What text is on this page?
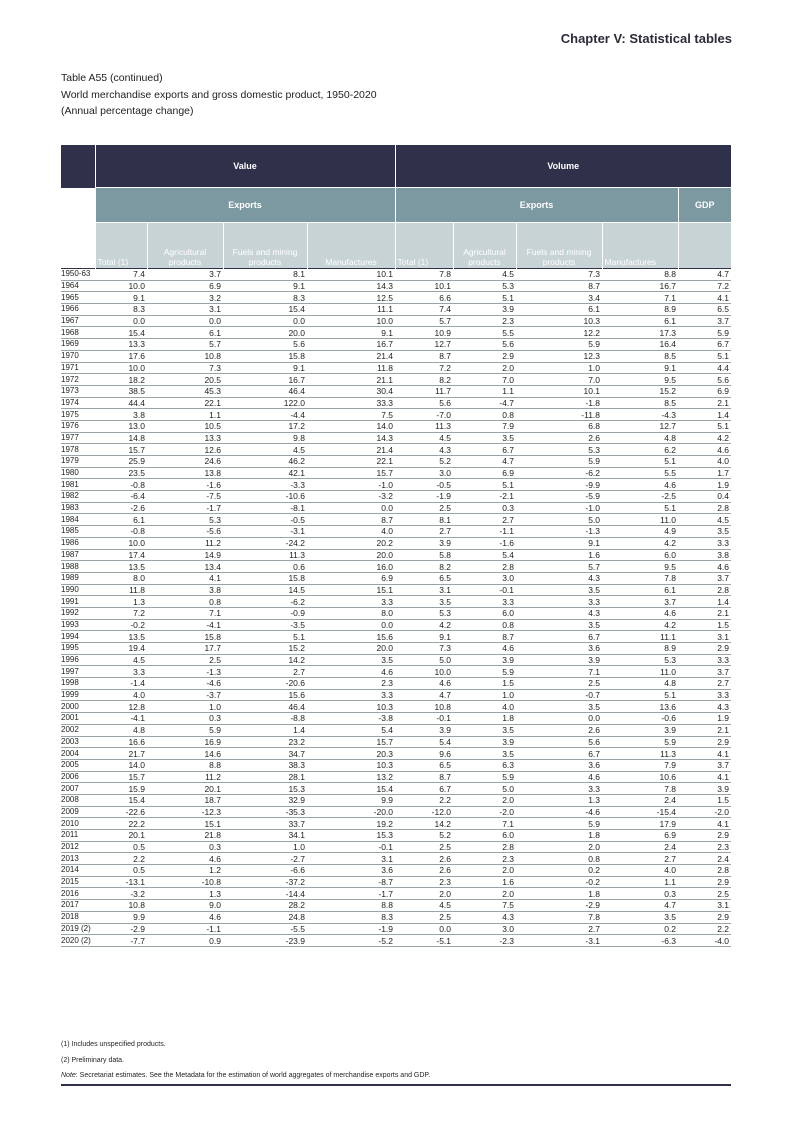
Chapter V: Statistical tables
Table A55 (continued)
World merchandise exports and gross domestic product, 1950-2020
(Annual percentage change)
	Value				Volume				
	Exports				Exports				GDP
	Total (1)	Agricultural products	Fuels and mining products	Manufactures	Total (1)	Agricultural products	Fuels and mining products	Manufactures	
1950-63	7.4	3.7	8.1	10.1	7.8	4.5	7.3	8.8	4.7
1964	10.0	6.9	9.1	14.3	10.1	5.3	8.7	16.7	7.2
1965	9.1	3.2	8.3	12.5	6.6	5.1	3.4	7.1	4.1
1966	8.3	3.1	15.4	11.1	7.4	3.9	6.1	8.9	6.5
1967	0.0	0.0	0.0	10.0	5.7	2.3	10.3	6.1	3.7
1968	15.4	6.1	20.0	9.1	10.9	5.5	12.2	17.3	5.9
1969	13.3	5.7	5.6	16.7	12.7	5.6	5.9	16.4	6.7
1970	17.6	10.8	15.8	21.4	8.7	2.9	12.3	8.5	5.1
1971	10.0	7.3	9.1	11.8	7.2	2.0	1.0	9.1	4.4
1972	18.2	20.5	16.7	21.1	8.2	7.0	7.0	9.5	5.6
1973	38.5	45.3	46.4	30.4	11.7	1.1	10.1	15.2	6.9
1974	44.4	22.1	122.0	33.3	5.6	-4.7	-1.8	8.5	2.1
1975	3.8	1.1	-4.4	7.5	-7.0	0.8	-11.8	-4.3	1.4
1976	13.0	10.5	17.2	14.0	11.3	7.9	6.8	12.7	5.1
1977	14.8	13.3	9.8	14.3	4.5	3.5	2.6	4.8	4.2
1978	15.7	12.6	4.5	21.4	4.3	6.7	5.3	6.2	4.6
1979	25.9	24.6	46.2	22.1	5.2	4.7	5.9	5.1	4.0
1980	23.5	13.8	42.1	15.7	3.0	6.9	-6.2	5.5	1.7
1981	-0.8	-1.6	-3.3	-1.0	-0.5	5.1	-9.9	4.6	1.9
1982	-6.4	-7.5	-10.6	-3.2	-1.9	-2.1	-5.9	-2.5	0.4
1983	-2.6	-1.7	-8.1	0.0	2.5	0.3	-1.0	5.1	2.8
1984	6.1	5.3	-0.5	8.7	8.1	2.7	5.0	11.0	4.5
1985	-0.8	-5.6	-3.1	4.0	2.7	-1.1	-1.3	4.9	3.5
1986	10.0	11.2	-24.2	20.2	3.9	-1.6	9.1	4.2	3.3
1987	17.4	14.9	11.3	20.0	5.8	5.4	1.6	6.0	3.8
1988	13.5	13.4	0.6	16.0	8.2	2.8	5.7	9.5	4.6
1989	8.0	4.1	15.8	6.9	6.5	3.0	4.3	7.8	3.7
1990	11.8	3.8	14.5	15.1	3.1	-0.1	3.5	6.1	2.8
1991	1.3	0.8	-6.2	3.3	3.5	3.3	3.3	3.7	1.4
1992	7.2	7.1	-0.9	8.0	5.3	6.0	4.3	4.6	2.1
1993	-0.2	-4.1	-3.5	0.0	4.2	0.8	3.5	4.2	1.5
1994	13.5	15.8	5.1	15.6	9.1	8.7	6.7	11.1	3.1
1995	19.4	17.7	15.2	20.0	7.3	4.6	3.6	8.9	2.9
1996	4.5	2.5	14.2	3.5	5.0	3.9	3.9	5.3	3.3
1997	3.3	-1.3	2.7	4.6	10.0	5.9	7.1	11.0	3.7
1998	-1.4	-4.6	-20.6	2.3	4.6	1.5	2.5	4.8	2.7
1999	4.0	-3.7	15.6	3.3	4.7	1.0	-0.7	5.1	3.3
2000	12.8	1.0	46.4	10.3	10.8	4.0	3.5	13.6	4.3
2001	-4.1	0.3	-8.8	-3.8	-0.1	1.8	0.0	-0.6	1.9
2002	4.8	5.9	1.4	5.4	3.9	3.5	2.6	3.9	2.1
2003	16.6	16.9	23.2	15.7	5.4	3.9	5.6	5.9	2.9
2004	21.7	14.6	34.7	20.3	9.6	3.5	6.7	11.3	4.1
2005	14.0	8.8	38.3	10.3	6.5	6.3	3.6	7.9	3.7
2006	15.7	11.2	28.1	13.2	8.7	5.9	4.6	10.6	4.1
2007	15.9	20.1	15.3	15.4	6.7	5.0	3.3	7.8	3.9
2008	15.4	18.7	32.9	9.9	2.2	2.0	1.3	2.4	1.5
2009	-22.6	-12.3	-35.3	-20.0	-12.0	-2.0	-4.6	-15.4	-2.0
2010	22.2	15.1	33.7	19.2	14.2	7.1	5.9	17.9	4.1
2011	20.1	21.8	34.1	15.3	5.2	6.0	1.8	6.9	2.9
2012	0.5	0.3	1.0	-0.1	2.5	2.8	2.0	2.4	2.3
2013	2.2	4.6	-2.7	3.1	2.6	2.3	0.8	2.7	2.4
2014	0.5	1.2	-6.6	3.6	2.6	2.0	0.2	4.0	2.8
2015	-13.1	-10.8	-37.2	-8.7	2.3	1.6	-0.2	1.1	2.9
2016	-3.2	1.3	-14.4	-1.7	2.0	2.0	1.8	0.3	2.5
2017	10.8	9.0	28.2	8.8	4.5	7.5	-2.9	4.7	3.1
2018	9.9	4.6	24.8	8.3	2.5	4.3	7.8	3.5	2.9
2019 (2)	-2.9	-1.1	-5.5	-1.9	0.0	3.0	2.7	0.2	2.2
2020 (2)	-7.7	0.9	-23.9	-5.2	-5.1	-2.3	-3.1	-6.3	-4.0
(1) Includes unspecified products.
(2) Preliminary data.
Note: Secretariat estimates. See the Metadata for the estimation of world aggregates of merchandise exports and GDP.
